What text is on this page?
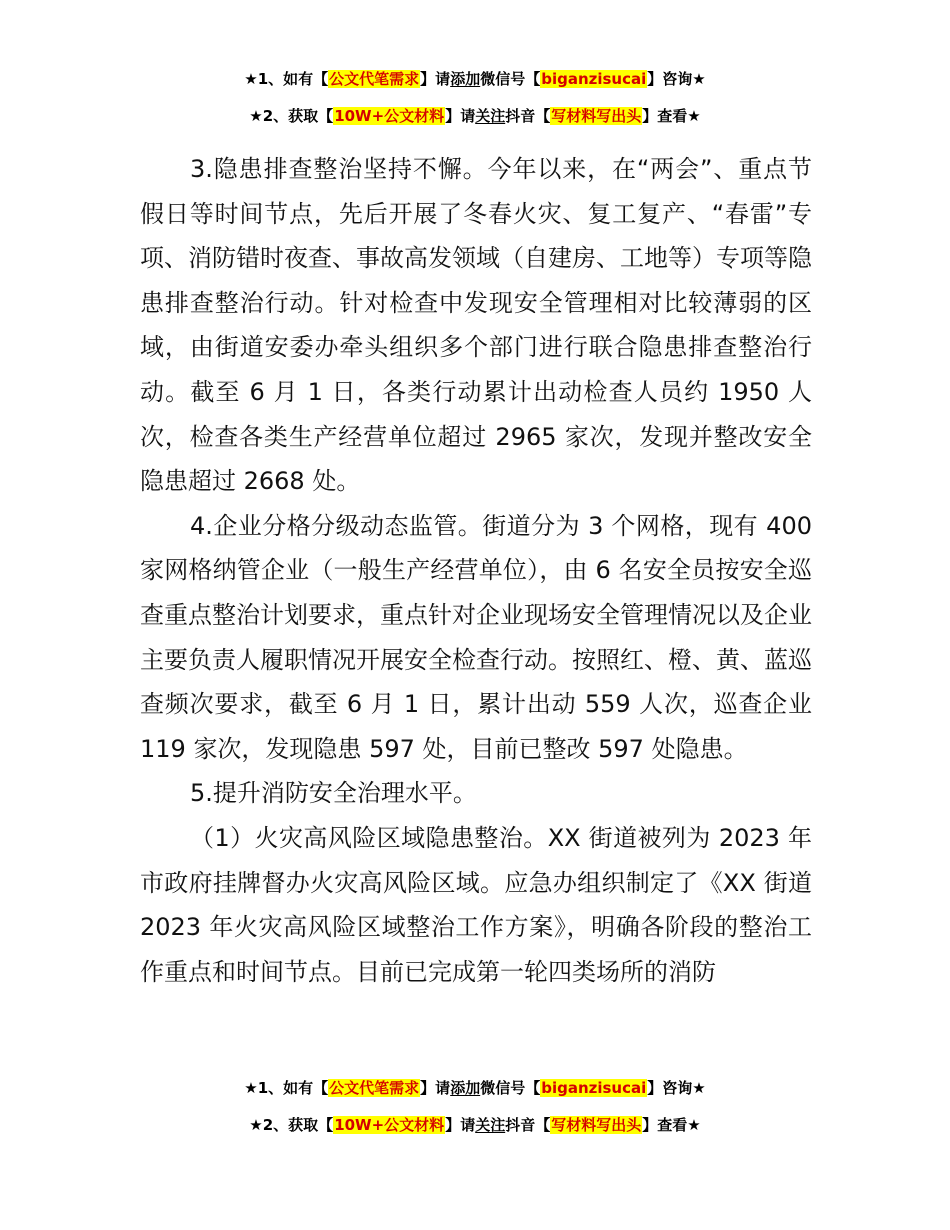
★1、如有【公文代笔需求】请添加微信号【biganzisucai】咨询★
★2、获取【10W+公文材料】请关注抖音【写材料写出头】查看★

3.隐患排查整治坚持不懈。今年以来，在“两会”、重点节假日等时间节点，先后开展了冬春火灾、复工复产、“春雷”专项、消防错时夜查、事故高发领域（自建房、工地等）专项等隐患排查整治行动。针对检查中发现安全管理相对比较薄弱的区域，由街道安委办牵头组织多个部门进行联合隐患排查整治行动。截至 6 月 1 日，各类行动累计出动检查人员约 1950 人次，检查各类生产经营单位超过 2965 家次，发现并整改安全隐患超过 2668 处。

4.企业分格分级动态监管。街道分为 3 个网格，现有 400 家网格纳管企业（一般生产经营单位），由 6 名安全员按安全巡查重点整治计划要求，重点针对企业现场安全管理情况以及企业主要负责人履职情况开展安全检查行动。按照红、橙、黄、蓝巡查频次要求，截至 6 月 1 日，累计出动 559 人次，巡查企业 119 家次，发现隐患 597 处，目前已整改 597 处隐患。

5.提升消防安全治理水平。

（1）火灾高风险区域隐患整治。XX 街道被列为 2023 年市政府挂牌督办火灾高风险区域。应急办组织制定了《XX 街道 2023 年火灾高风险区域整治工作方案》，明确各阶段的整治工作重点和时间节点。目前已完成第一轮四类场所的消防

★1、如有【公文代笔需求】请添加微信号【biganzisucai】咨询★
★2、获取【10W+公文材料】请关注抖音【写材料写出头】查看★
